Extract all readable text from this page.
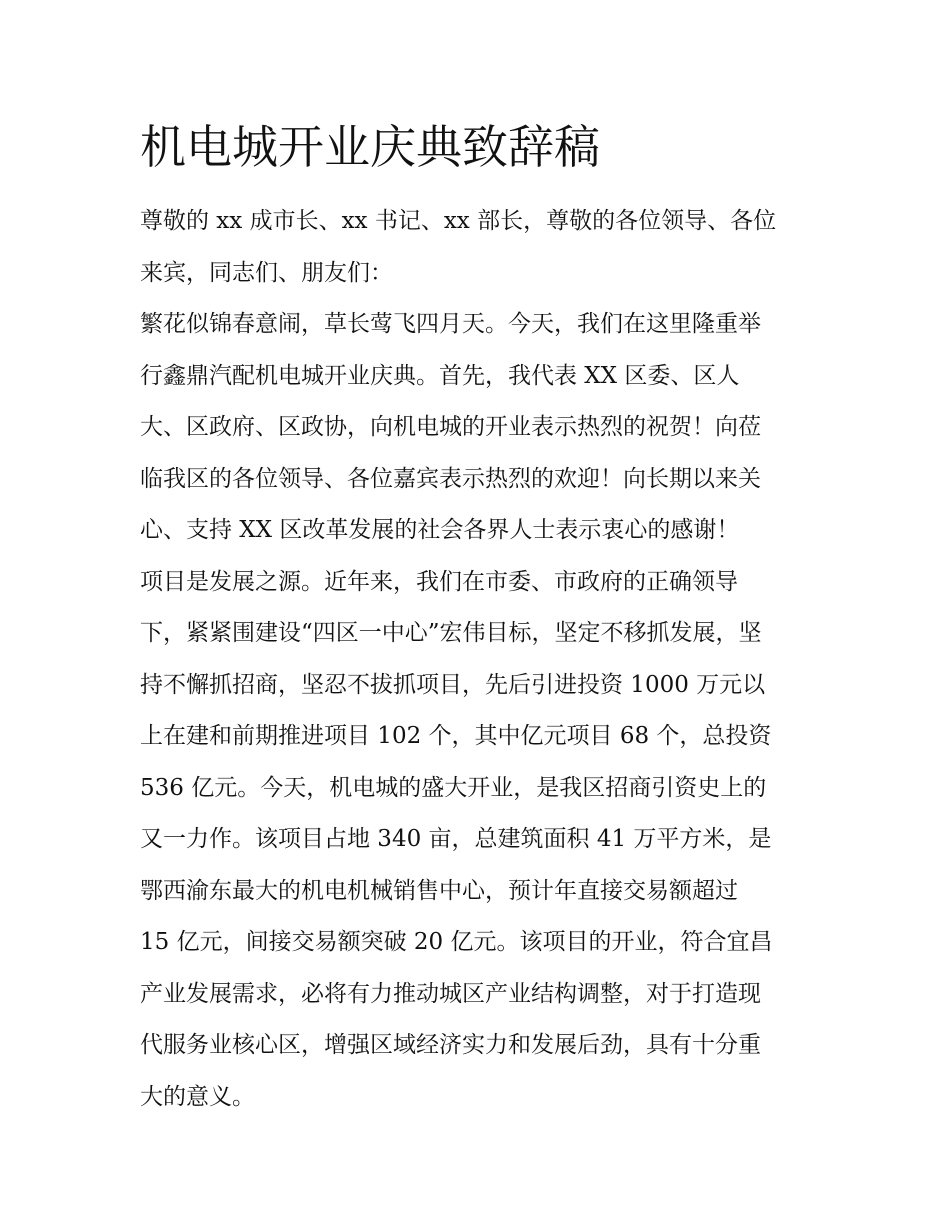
机电城开业庆典致辞稿
尊敬的 xx 成市长、xx 书记、xx 部长，尊敬的各位领导、各位
来宾，同志们、朋友们：
繁花似锦春意闹，草长莺飞四月天。今天，我们在这里隆重举
行鑫鼎汽配机电城开业庆典。首先，我代表 XX 区委、区人
大、区政府、区政协，向机电城的开业表示热烈的祝贺！向莅
临我区的各位领导、各位嘉宾表示热烈的欢迎！向长期以来关
心、支持 XX 区改革发展的社会各界人士表示衷心的感谢！
项目是发展之源。近年来，我们在市委、市政府的正确领导
下，紧紧围建设“四区一中心”宏伟目标，坚定不移抓发展，坚
持不懈抓招商，坚忍不拔抓项目，先后引进投资 1000 万元以
上在建和前期推进项目 102 个，其中亿元项目 68 个，总投资
536 亿元。今天，机电城的盛大开业，是我区招商引资史上的
又一力作。该项目占地 340 亩，总建筑面积 41 万平方米，是
鄂西渝东最大的机电机械销售中心，预计年直接交易额超过
15 亿元，间接交易额突破 20 亿元。该项目的开业，符合宜昌
产业发展需求，必将有力推动城区产业结构调整，对于打造现
代服务业核心区，增强区域经济实力和发展后劲，具有十分重
大的意义。
